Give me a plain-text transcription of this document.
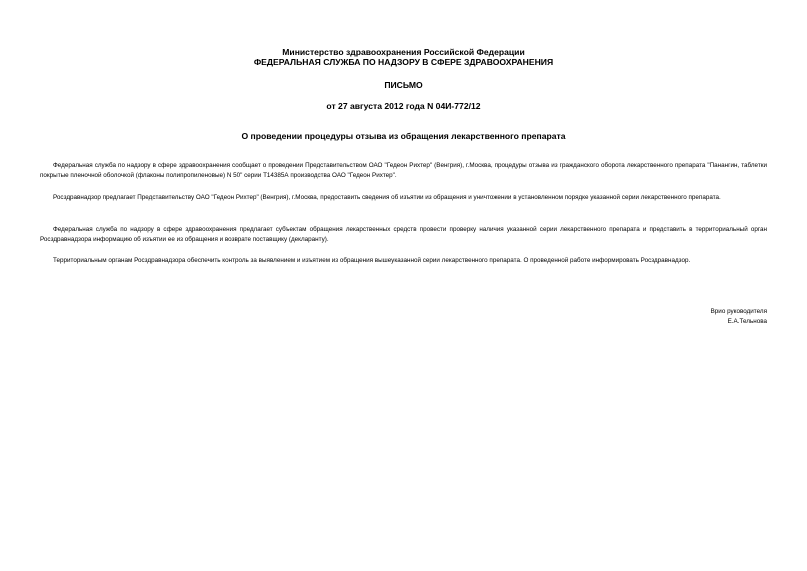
Министерство здравоохранения Российской Федерации
ФЕДЕРАЛЬНАЯ СЛУЖБА ПО НАДЗОРУ В СФЕРЕ ЗДРАВООХРАНЕНИЯ
ПИСЬМО
от 27 августа 2012 года N 04И-772/12
О проведении процедуры отзыва из обращения лекарственного препарата

Федеральная служба по надзору в сфере здравоохранения сообщает о проведении Представительством ОАО "Гедеон Рихтер" (Венгрия), г.Москва, процедуры отзыва из гражданского оборота лекарственного препарата "Панангин, таблетки покрытые пленочной оболочкой (флаконы полипропиленовые) N 50" серии Т14385А производства ОАО "Гедеон Рихтер".

Росздравнадзор предлагает Представительству ОАО "Гедеон Рихтер" (Венгрия), г.Москва, предоставить сведения об изъятии из обращения и уничтожении в установленном порядке указанной серии лекарственного препарата.

Федеральная служба по надзору в сфере здравоохранения предлагает субъектам обращения лекарственных средств провести проверку наличия указанной серии лекарственного препарата и представить в территориальный орган Росздравнадзора информацию об изъятии ее из обращения и возврате поставщику (декларанту).

Территориальным органам Росздравнадзора обеспечить контроль за выявлением и изъятием из обращения вышеуказанной серии лекарственного препарата. О проведенной работе информировать Росздравнадзор.

Врио руководителя
Е.А.Тельнова
